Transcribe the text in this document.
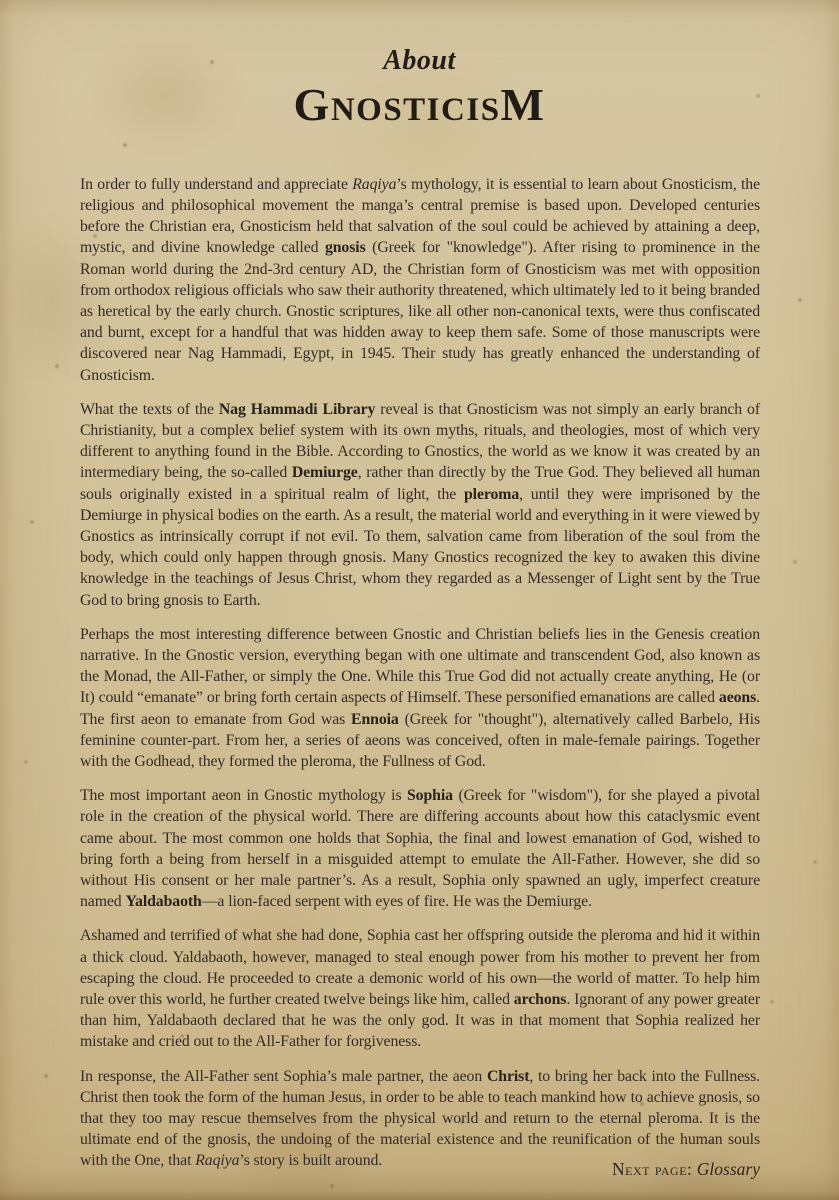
About
GNOSTICISM

In order to fully understand and appreciate Raqiya’s mythology, it is essential to learn about Gnosticism, the religious and philosophical movement the manga’s central premise is based upon. Developed centuries before the Christian era, Gnosticism held that salvation of the soul could be achieved by attaining a deep, mystic, and divine knowledge called gnosis (Greek for "knowledge"). After rising to prominence in the Roman world during the 2nd-3rd century AD, the Christian form of Gnosticism was met with opposition from orthodox religious officials who saw their authority threatened, which ultimately led to it being branded as heretical by the early church. Gnostic scriptures, like all other non-canonical texts, were thus confiscated and burnt, except for a handful that was hidden away to keep them safe. Some of those manuscripts were discovered near Nag Hammadi, Egypt, in 1945. Their study has greatly enhanced the understanding of Gnosticism.

What the texts of the Nag Hammadi Library reveal is that Gnosticism was not simply an early branch of Christianity, but a complex belief system with its own myths, rituals, and theologies, most of which very different to anything found in the Bible. According to Gnostics, the world as we know it was created by an intermediary being, the so-called Demiurge, rather than directly by the True God. They believed all human souls originally existed in a spiritual realm of light, the pleroma, until they were imprisoned by the Demiurge in physical bodies on the earth. As a result, the material world and everything in it were viewed by Gnostics as intrinsically corrupt if not evil. To them, salvation came from liberation of the soul from the body, which could only happen through gnosis. Many Gnostics recognized the key to awaken this divine knowledge in the teachings of Jesus Christ, whom they regarded as a Messenger of Light sent by the True God to bring gnosis to Earth.

Perhaps the most interesting difference between Gnostic and Christian beliefs lies in the Genesis creation narrative. In the Gnostic version, everything began with one ultimate and transcendent God, also known as the Monad, the All-Father, or simply the One. While this True God did not actually create anything, He (or It) could “emanate” or bring forth certain aspects of Himself. These personified emanations are called aeons. The first aeon to emanate from God was Ennoia (Greek for "thought"), alternatively called Barbelo, His feminine counter-part. From her, a series of aeons was conceived, often in male-female pairings. Together with the Godhead, they formed the pleroma, the Fullness of God.

The most important aeon in Gnostic mythology is Sophia (Greek for "wisdom"), for she played a pivotal role in the creation of the physical world. There are differing accounts about how this cataclysmic event came about. The most common one holds that Sophia, the final and lowest emanation of God, wished to bring forth a being from herself in a misguided attempt to emulate the All-Father. However, she did so without His consent or her male partner’s. As a result, Sophia only spawned an ugly, imperfect creature named Yaldabaoth—a lion-faced serpent with eyes of fire. He was the Demiurge.

Ashamed and terrified of what she had done, Sophia cast her offspring outside the pleroma and hid it within a thick cloud. Yaldabaoth, however, managed to steal enough power from his mother to prevent her from escaping the cloud. He proceeded to create a demonic world of his own—the world of matter. To help him rule over this world, he further created twelve beings like him, called archons. Ignorant of any power greater than him, Yaldabaoth declared that he was the only god. It was in that moment that Sophia realized her mistake and cried out to the All-Father for forgiveness.

In response, the All-Father sent Sophia’s male partner, the aeon Christ, to bring her back into the Fullness. Christ then took the form of the human Jesus, in order to be able to teach mankind how to achieve gnosis, so that they too may rescue themselves from the physical world and return to the eternal pleroma. It is the ultimate end of the gnosis, the undoing of the material existence and the reunification of the human souls with the One, that Raqiya’s story is built around.	Next page: Glossary
